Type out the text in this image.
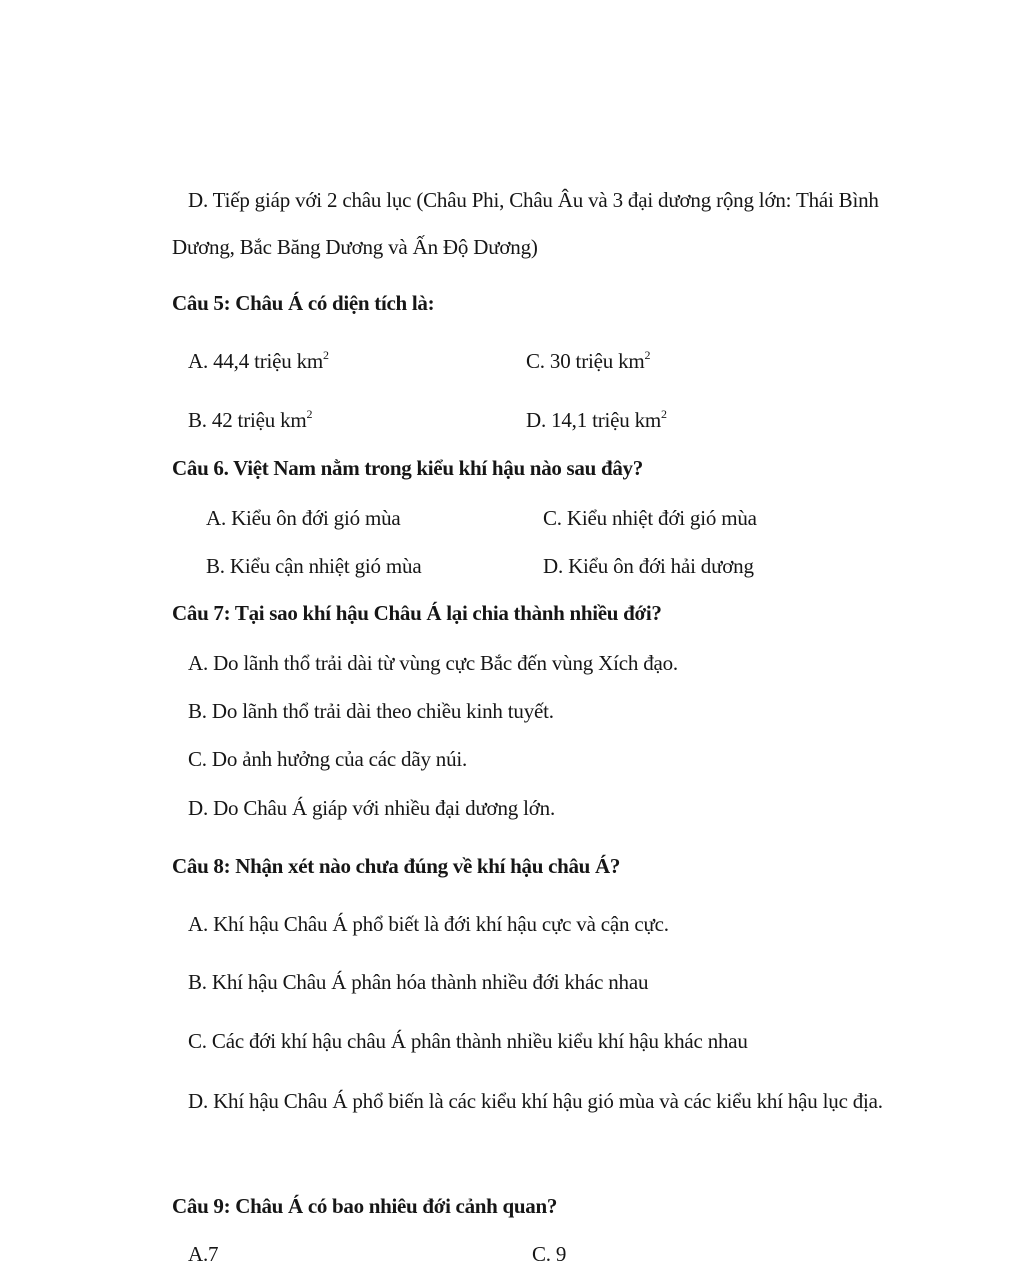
D. Tiếp giáp với 2 châu lục (Châu Phi, Châu Âu và 3 đại dương rộng lớn: Thái Bình
Dương, Bắc Băng Dương và Ấn Độ Dương)
Câu 5: Châu Á có diện tích là:
A. 44,4 triệu $km^2$	C. 30 triệu $km^2$
B. 42 triệu $km^2$	D. 14,1 triệu $km^2$
Câu 6. Việt Nam nằm trong kiểu khí hậu nào sau đây?
A. Kiểu ôn đới gió mùa	C. Kiểu nhiệt đới gió mùa
B. Kiểu cận nhiệt gió mùa	D. Kiểu ôn đới hải dương
Câu 7: Tại sao khí hậu Châu Á lại chia thành nhiều đới?
A. Do lãnh thổ trải dài từ vùng cực Bắc đến vùng Xích đạo.
B. Do lãnh thổ trải dài theo chiều kinh tuyết.
C. Do ảnh hưởng của các dãy núi.
D. Do Châu Á giáp với nhiều đại dương lớn.
Câu 8: Nhận xét nào chưa đúng về khí hậu châu Á?
A. Khí hậu Châu Á phổ biết là đới khí hậu cực và cận cực.
B. Khí hậu Châu Á phân hóa thành nhiều đới khác nhau
C. Các đới khí hậu châu Á phân thành nhiều kiểu khí hậu khác nhau
D. Khí hậu Châu Á phổ biến là các kiểu khí hậu gió mùa và các kiểu khí hậu lục địa.
Câu 9: Châu Á có bao nhiêu đới cảnh quan?
A.7	C. 9
